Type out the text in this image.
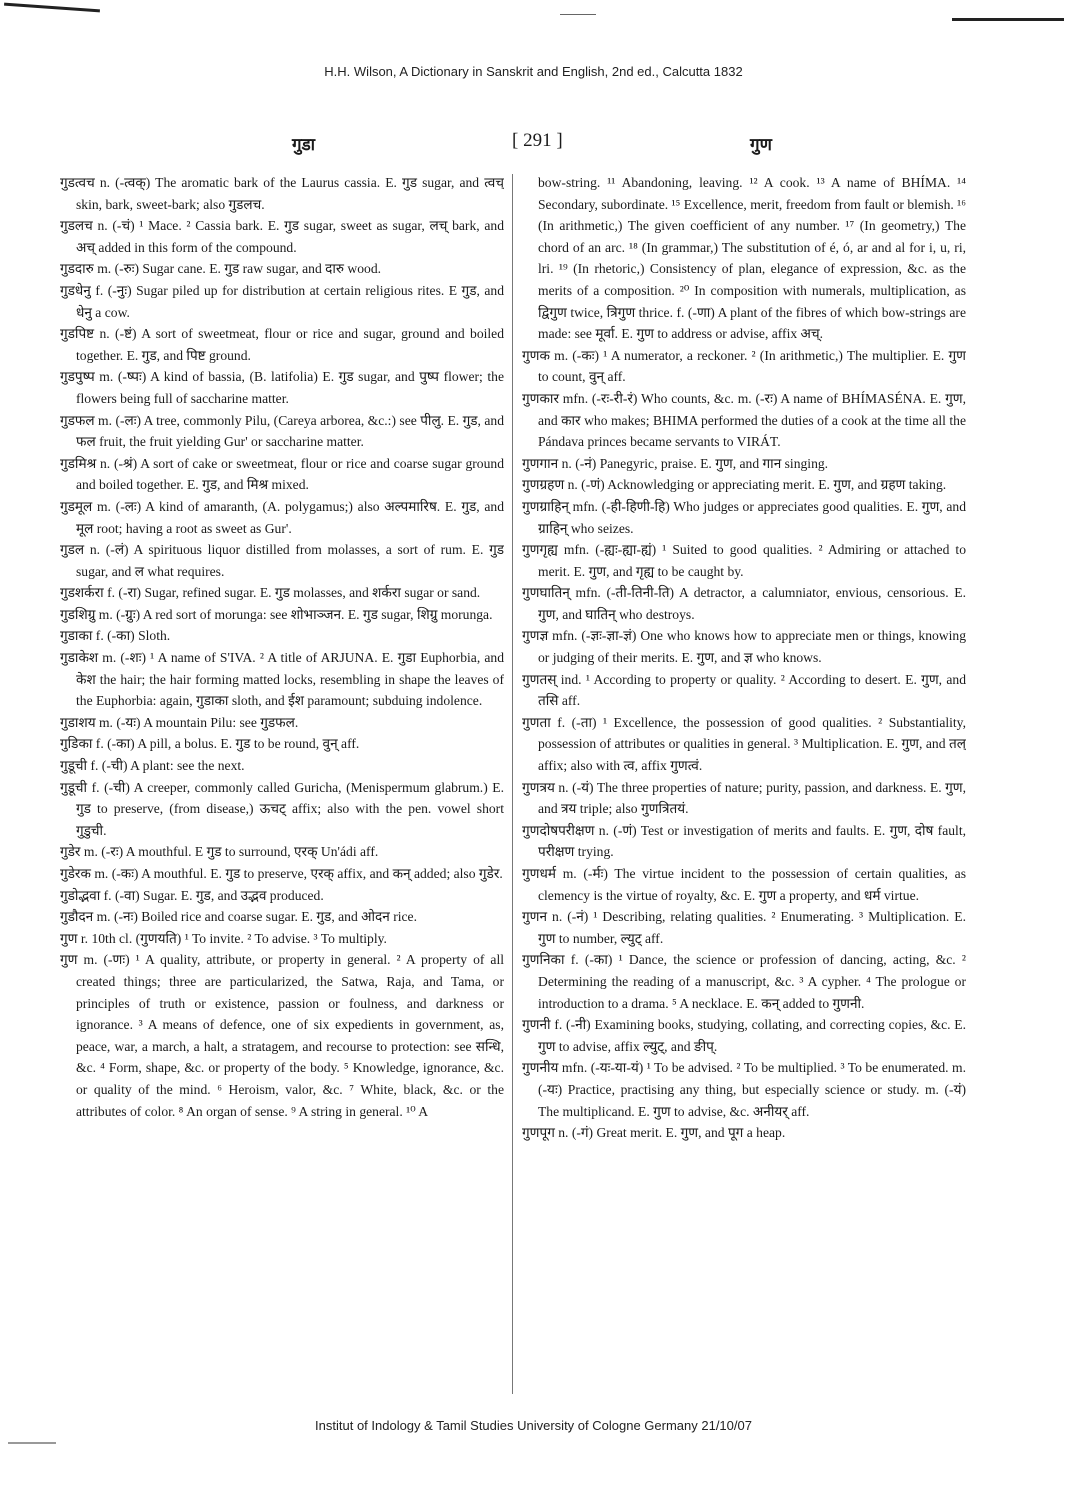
H.H. Wilson, A Dictionary in Sanskrit and English, 2nd ed., Calcutta 1832
गुडा	[ 291 ]	गुण

गुडत्वच n. (-त्वक्) The aromatic bark of the Laurus cassia. E. गुड sugar, and त्वच् skin, bark, sweet-bark; also गुडलच.

गुडलच n. (-चं) ¹ Mace. ² Cassia bark. E. गुड sugar, sweet as sugar, लच् bark, and अच् added in this form of the compound.

गुडदारु m. (-रुः) Sugar cane. E. गुड raw sugar, and दारु wood.

गुडधेनु f. (-नुः) Sugar piled up for distribution at certain religious rites. E गुड, and धेनु a cow.

गुडपिष्ट n. (-ष्टं) A sort of sweetmeat, flour or rice and sugar, ground and boiled together. E. गुड, and पिष्ट ground.

गुडपुष्प m. (-ष्पः) A kind of bassia, (B. latifolia) E. गुड sugar, and पुष्प flower; the flowers being full of saccharine matter.

गुडफल m. (-लः) A tree, commonly Pilu, (Careya arborea, &c.:) see पीलु. E. गुड, and फल fruit, the fruit yielding Gur' or saccharine matter.

गुडमिश्र n. (-श्रं) A sort of cake or sweetmeat, flour or rice and coarse sugar ground and boiled together. E. गुड, and मिश्र mixed.

गुडमूल m. (-लः) A kind of amaranth, (A. polygamus;) also अल्पमारिष. E. गुड, and मूल root; having a root as sweet as Gur'.

गुडल n. (-लं) A spirituous liquor distilled from molasses, a sort of rum. E. गुड sugar, and ल what requires.

गुडशर्करा f. (-रा) Sugar, refined sugar. E. गुड molasses, and शर्करा sugar or sand.

गुडशिग्रु m. (-ग्रुः) A red sort of morunga: see शोभाञ्जन. E. गुड sugar, शिग्रु morunga.

गुडाका f. (-का) Sloth.

गुडाकेश m. (-शः) ¹ A name of S'IVA. ² A title of ARJUNA. E. गुडा Euphorbia, and केश the hair; the hair forming matted locks, resembling in shape the leaves of the Euphorbia: again, गुडाका sloth, and ईश paramount; subduing indolence.

गुडाशय m. (-यः) A mountain Pilu: see गुडफल.

गुडिका f. (-का) A pill, a bolus. E. गुड to be round, वुन् aff.

गुडूची f. (-ची) A plant: see the next.

गुडूची f. (-ची) A creeper, commonly called Guricha, (Menispermum glabrum.) E. गुड to preserve, (from disease,) ऊचट् affix; also with the pen. vowel short गुडुची.

गुडेर m. (-रः) A mouthful. E गुड to surround, एरक् Un'ádi aff.

गुडेरक m. (-कः) A mouthful. E. गुड to preserve, एरक् affix, and कन् added; also गुडेर.

गुडोद्भवा f. (-वा) Sugar. E. गुड, and उद्भव produced.

गुडौदन m. (-नः) Boiled rice and coarse sugar. E. गुड, and ओदन rice.

गुण r. 10th cl. (गुणयति) ¹ To invite. ² To advise. ³ To multiply.

गुण m. (-णः) ¹ A quality, attribute, or property in general. ² A property of all created things; three are particularized, the Satwa, Raja, and Tama, or principles of truth or existence, passion or foulness, and darkness or ignorance. ³ A means of defence, one of six expedients in government, as, peace, war, a march, a halt, a stratagem, and recourse to protection: see सन्धि, &c. ⁴ Form, shape, &c. or property of the body. ⁵ Knowledge, ignorance, &c. or quality of the mind. ⁶ Heroism, valor, &c. ⁷ White, black, &c. or the attributes of color. ⁸ An organ of sense. ⁹ A string in general. ¹⁰ A

bow-string. ¹¹ Abandoning, leaving. ¹² A cook. ¹³ A name of BHÍMA. ¹⁴ Secondary, subordinate. ¹⁵ Excellence, merit, freedom from fault or blemish. ¹⁶ (In arithmetic,) The given coefficient of any number. ¹⁷ (In geometry,) The chord of an arc. ¹⁸ (In grammar,) The substitution of é, ó, ar and al for i, u, ri, lri. ¹⁹ (In rhetoric,) Consistency of plan, elegance of expression, &c. as the merits of a composition. ²⁰ In composition with numerals, multiplication, as द्विगुण twice, त्रिगुण thrice. f. (-णा) A plant of the fibres of which bow-strings are made: see मूर्वा. E. गुण to address or advise, affix अच्.

गुणक m. (-कः) ¹ A numerator, a reckoner. ² (In arithmetic,) The multiplier. E. गुण to count, वुन् aff.

गुणकार mfn. (-रः-री-रं) Who counts, &c. m. (-रः) A name of BHÍMASÉNA. E. गुण, and कार who makes; BHIMA performed the duties of a cook at the time all the Pándava princes became servants to VIRÁT.

गुणगान n. (-नं) Panegyric, praise. E. गुण, and गान singing.

गुणग्रहण n. (-णं) Acknowledging or appreciating merit. E. गुण, and ग्रहण taking.

गुणग्राहिन् mfn. (-ही-हिणी-हि) Who judges or appreciates good qualities. E. गुण, and ग्राहिन् who seizes.

गुणगृह्य mfn. (-ह्यः-ह्या-ह्यं) ¹ Suited to good qualities. ² Admiring or attached to merit. E. गुण, and गृह्य to be caught by.

गुणघातिन् mfn. (-ती-तिनी-ति) A detractor, a calumniator, envious, censorious. E. गुण, and घातिन् who destroys.

गुणज्ञ mfn. (-ज्ञः-ज्ञा-ज्ञं) One who knows how to appreciate men or things, knowing or judging of their merits. E. गुण, and ज्ञ who knows.

गुणतस् ind. ¹ According to property or quality. ² According to desert. E. गुण, and तसि aff.

गुणता f. (-ता) ¹ Excellence, the possession of good qualities. ² Substantiality, possession of attributes or qualities in general. ³ Multiplication. E. गुण, and तल् affix; also with त्व, affix गुणत्वं.

गुणत्रय n. (-यं) The three properties of nature; purity, passion, and darkness. E. गुण, and त्रय triple; also गुणत्रितयं.

गुणदोषपरीक्षण n. (-णं) Test or investigation of merits and faults. E. गुण, दोष fault, परीक्षण trying.

गुणधर्म m. (-र्मः) The virtue incident to the possession of certain qualities, as clemency is the virtue of royalty, &c. E. गुण a property, and धर्म virtue.

गुणन n. (-नं) ¹ Describing, relating qualities. ² Enumerating. ³ Multiplication. E. गुण to number, ल्युट् aff.

गुणनिका f. (-का) ¹ Dance, the science or profession of dancing, acting, &c. ² Determining the reading of a manuscript, &c. ³ A cypher. ⁴ The prologue or introduction to a drama. ⁵ A necklace. E. कन् added to गुणनी.

गुणनी f. (-नी) Examining books, studying, collating, and correcting copies, &c. E. गुण to advise, affix ल्युट्, and ङीप्.

गुणनीय mfn. (-यः-या-यं) ¹ To be advised. ² To be multiplied. ³ To be enumerated. m. (-यः) Practice, practising any thing, but especially science or study. m. (-यं) The multiplicand. E. गुण to advise, &c. अनीयर् aff.

गुणपूग n. (-गं) Great merit. E. गुण, and पूग a heap.

Institut of Indology & Tamil Studies University of Cologne Germany 21/10/07
